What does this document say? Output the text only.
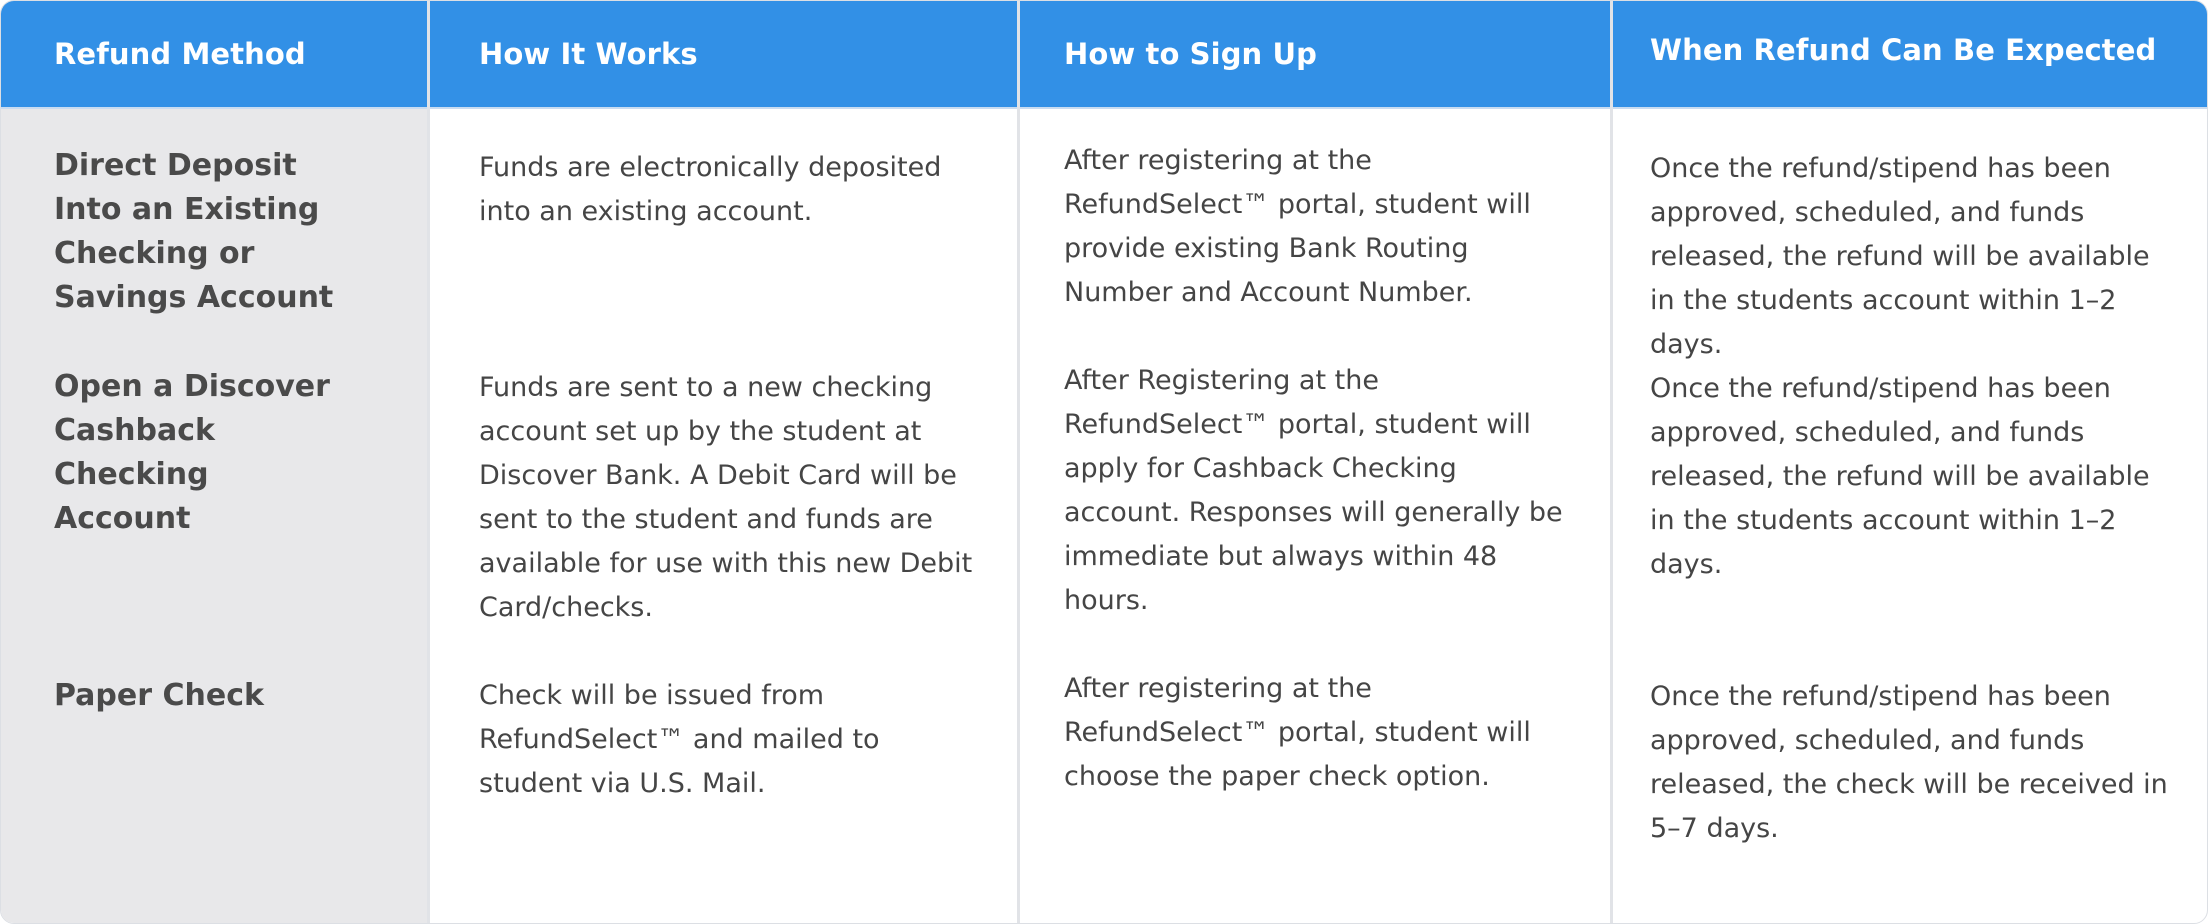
Refund Method
Direct Deposit Into an Existing Checking or Savings Account
Open a Discover Cashback Checking Account
Paper Check
How It Works
Funds are electronically deposited into an existing account.
Funds are sent to a new checking account set up by the student at Discover Bank. A Debit Card will be sent to the student and funds are available for use with this new Debit Card/checks.
Check will be issued from RefundSelect™ and mailed to student via U.S. Mail.
How to Sign Up
After registering at the RefundSelect™ portal, student will provide existing Bank Routing Number and Account Number.
After Registering at the RefundSelect™ portal, student will apply for Cashback Checking account. Responses will generally be immediate but always within 48 hours.
After registering at the RefundSelect™ portal, student will choose the paper check option.
When Refund Can Be Expected
Once the refund/stipend has been approved, scheduled, and funds released, the refund will be available in the students account within 1–2 days.
Once the refund/stipend has been approved, scheduled, and funds released, the refund will be available in the students account within 1–2 days.
Once the refund/stipend has been approved, scheduled, and funds released, the check will be received in 5–7 days.
